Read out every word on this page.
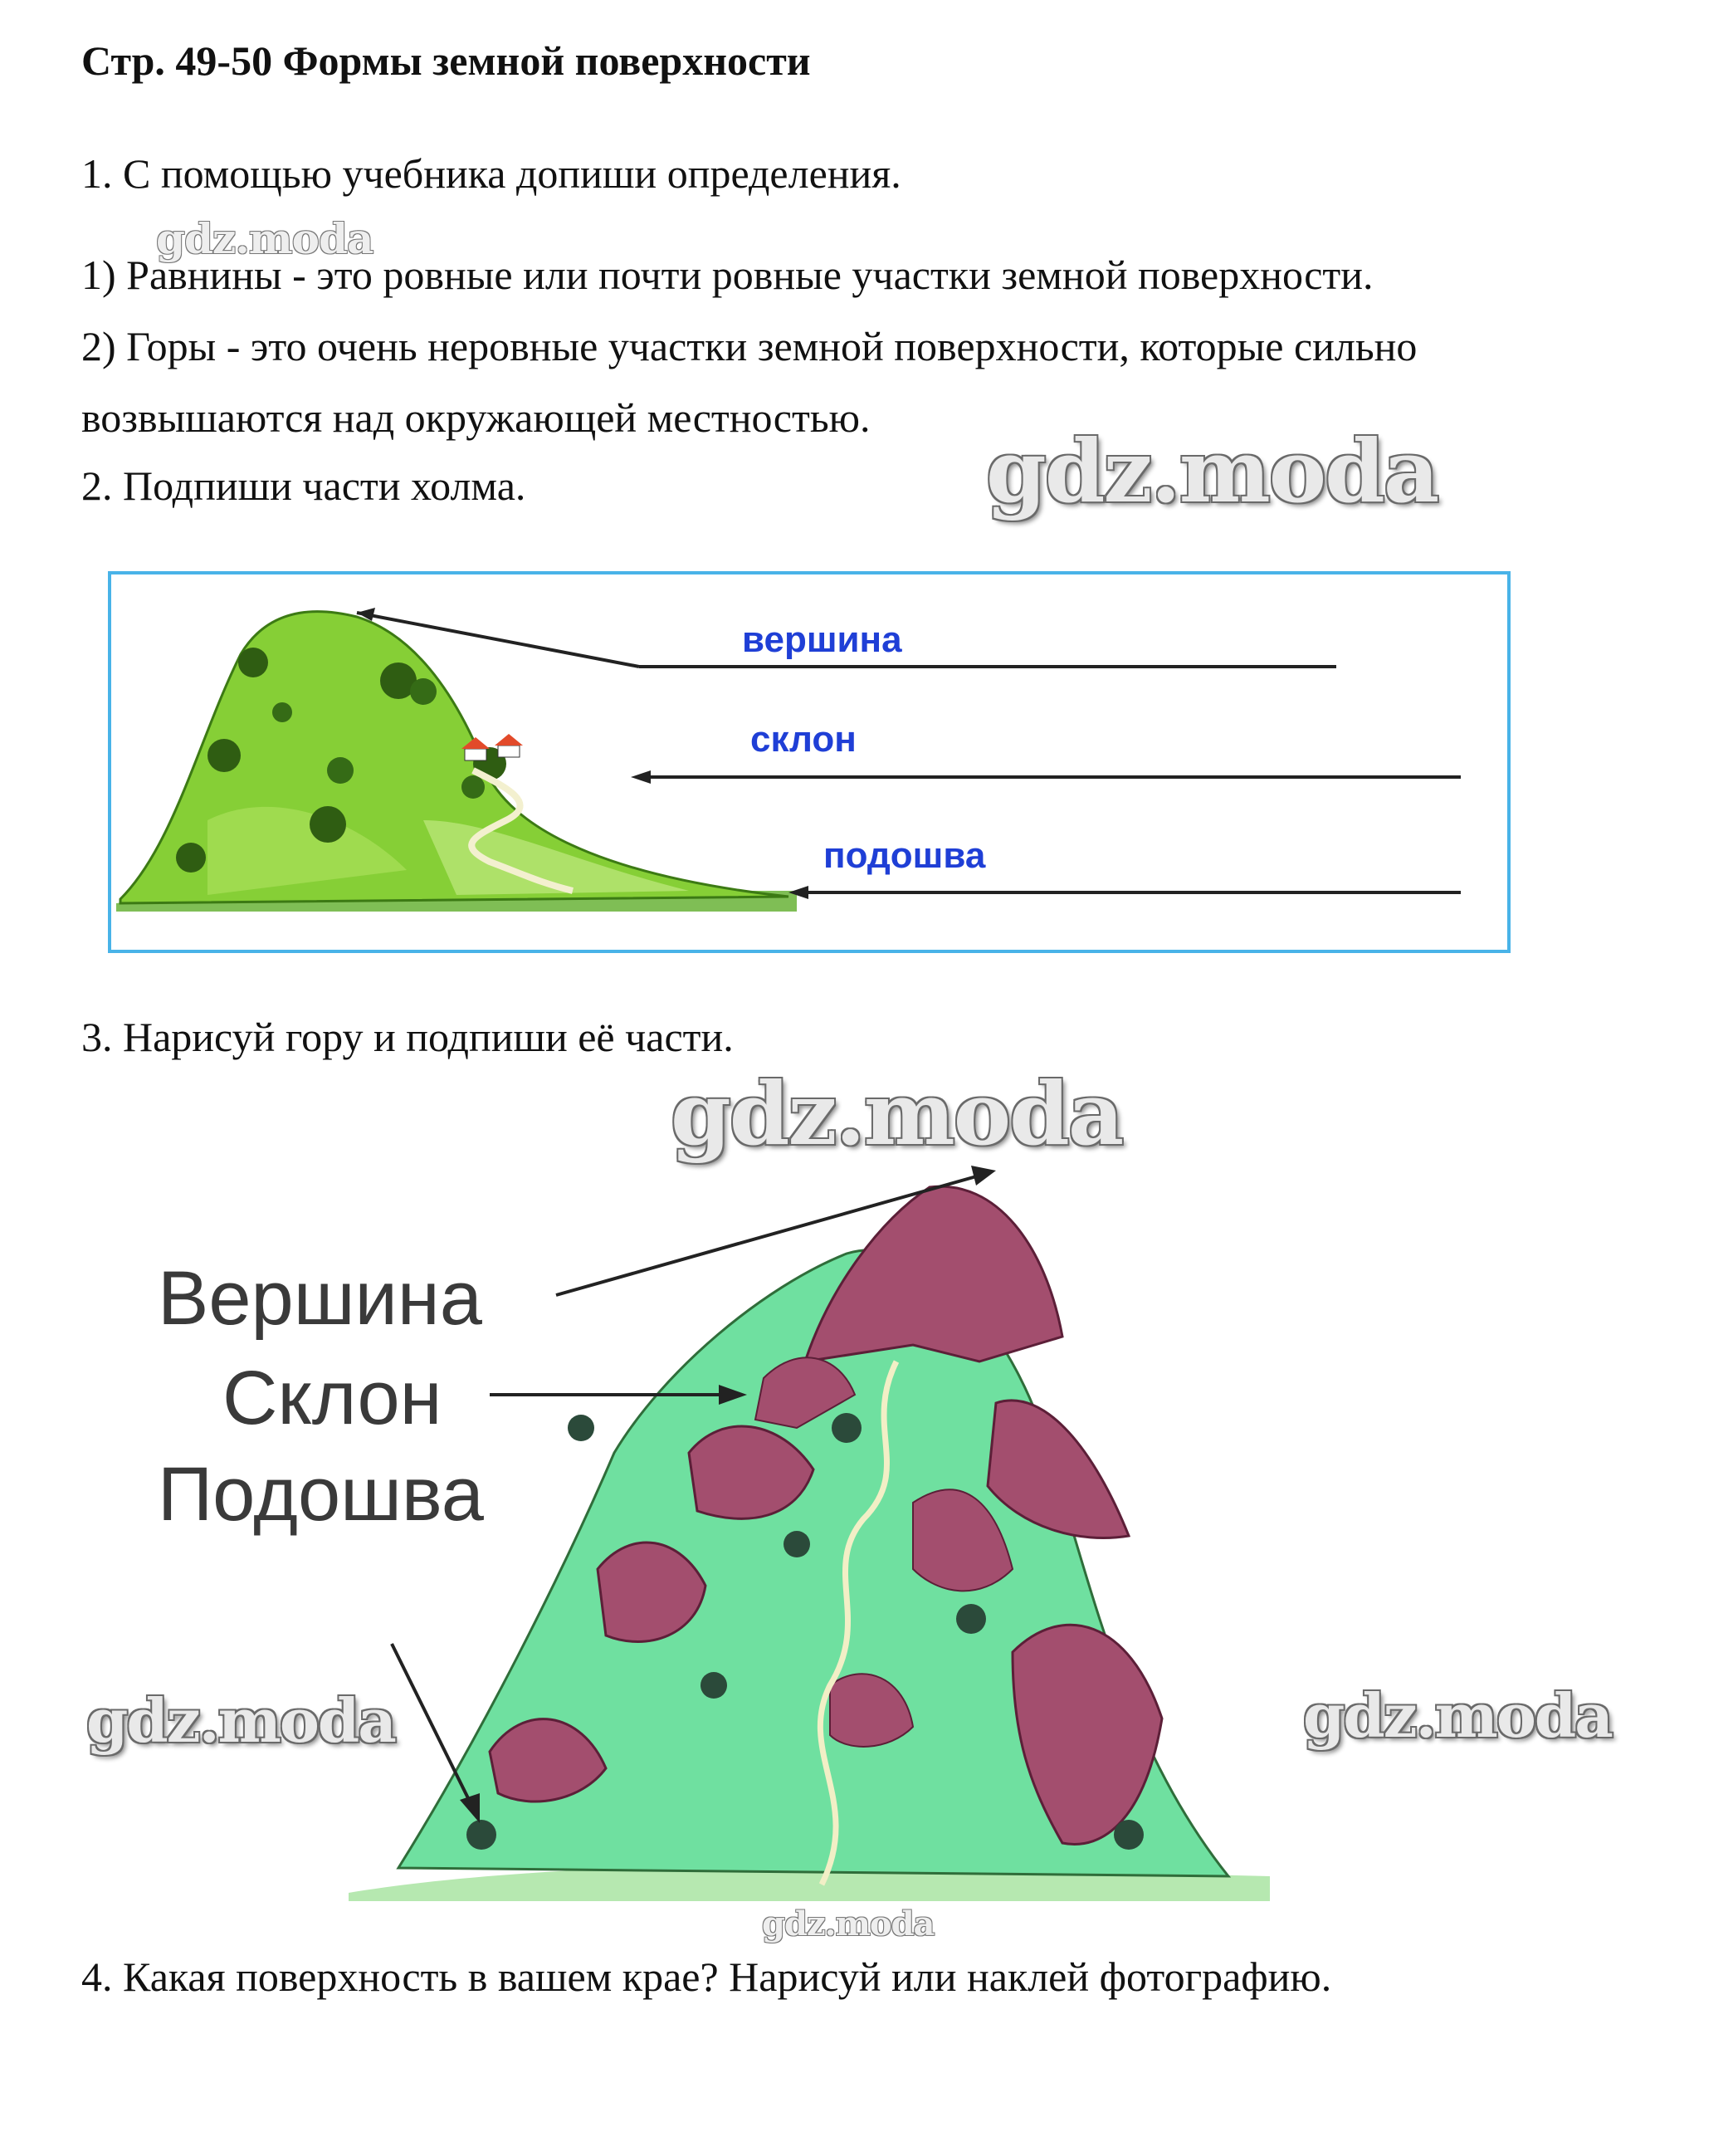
Стр. 49-50 Формы земной поверхности
1. С помощью учебника допиши определения.
gdz.moda
1) Равнины - это ровные или почти ровные участки земной поверхности.
2) Горы - это очень неровные участки земной поверхности, которые сильно
возвышаются над окружающей местностью.
2. Подпиши части холма.	gdz.moda
вершина
склон
подошва
3. Нарисуй гору и подпиши её части.
gdz.moda
Вершина
Склон
Подошва
gdz.moda	gdz.moda
gdz.moda
4. Какая поверхность в вашем крае? Нарисуй или наклей фотографию.
